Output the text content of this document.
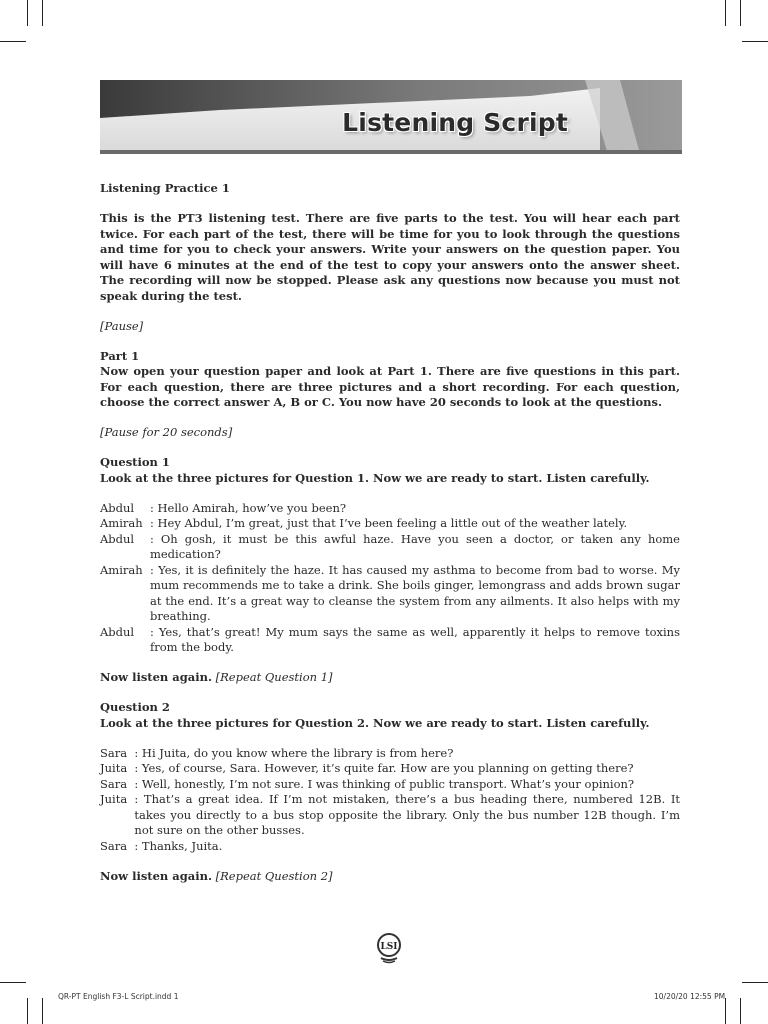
Listening Script

Listening Practice 1

This is the PT3 listening test. There are five parts to the test. You will hear each part twice. For each part of the test, there will be time for you to look through the questions and time for you to check your answers. Write your answers on the question paper. You will have 6 minutes at the end of the test to copy your answers onto the answer sheet. The recording will now be stopped. Please ask any questions now because you must not speak during the test.

[Pause]

Part 1

Now open your question paper and look at Part 1. There are five questions in this part. For each question, there are three pictures and a short recording. For each question, choose the correct answer A, B or C. You now have 20 seconds to look at the questions.

[Pause for 20 seconds]

Question 1

Look at the three pictures for Question 1. Now we are ready to start. Listen carefully.

Abdul : Hello Amirah, how’ve you been?
Amirah : Hey Abdul, I’m great, just that I’ve been feeling a little out of the weather lately.
Abdul : Oh gosh, it must be this awful haze. Have you seen a doctor, or taken any home medication?
Amirah : Yes, it is definitely the haze. It has caused my asthma to become from bad to worse. My mum recommends me to take a drink. She boils ginger, lemongrass and adds brown sugar at the end. It’s a great way to cleanse the system from any ailments. It also helps with my breathing.
Abdul : Yes, that’s great! My mum says the same as well, apparently it helps to remove toxins from the body.

Now listen again. [Repeat Question 1]

Question 2

Look at the three pictures for Question 2. Now we are ready to start. Listen carefully.

Sara : Hi Juita, do you know where the library is from here?
Juita : Yes, of course, Sara. However, it’s quite far. How are you planning on getting there?
Sara : Well, honestly, I’m not sure. I was thinking of public transport. What’s your opinion?
Juita : That’s a great idea. If I’m not mistaken, there’s a bus heading there, numbered 12B. It takes you directly to a bus stop opposite the library. Only the bus number 12B though. I’m not sure on the other busses.
Sara : Thanks, Juita.

Now listen again. [Repeat Question 2]

LSI
QR-PT English F3-L Script.indd 1	10/20/20 12:55 PM
